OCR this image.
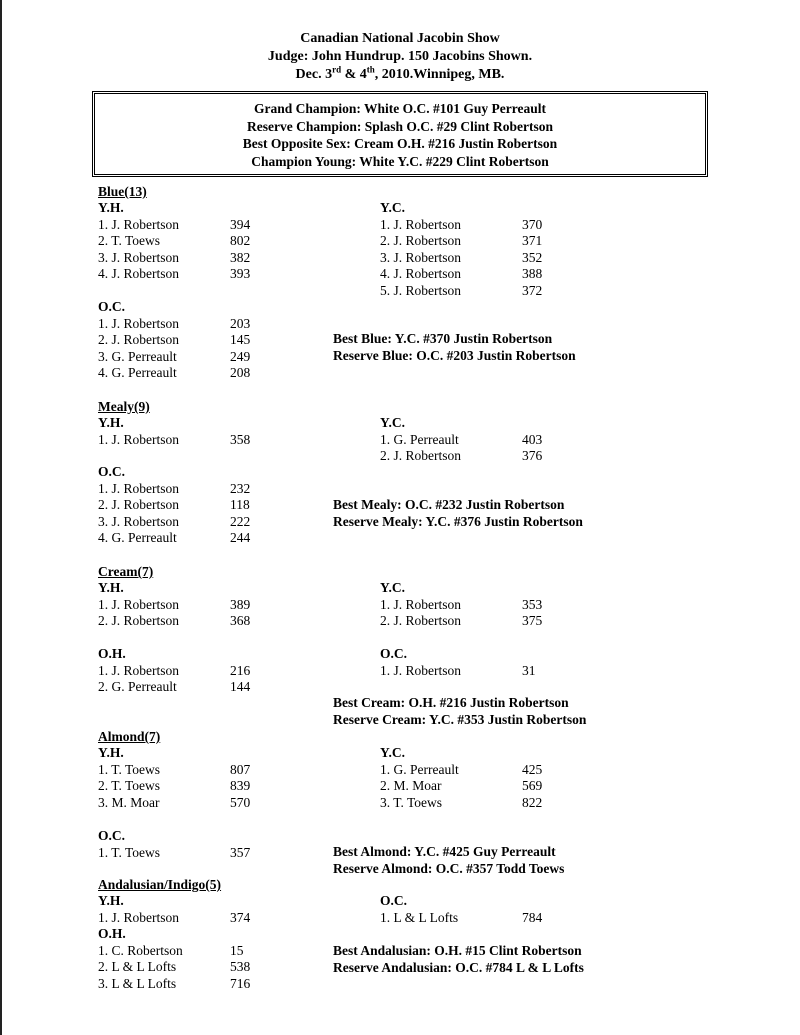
Canadian National Jacobin Show
Judge: John Hundrup. 150 Jacobins Shown.
Dec. 3rd & 4th, 2010.Winnipeg, MB.
Grand Champion: White O.C. #101 Guy Perreault
Reserve Champion: Splash O.C. #29 Clint Robertson
Best Opposite Sex: Cream O.H. #216 Justin Robertson
Champion Young: White Y.C. #229 Clint Robertson
Blue(13)
Y.H.
1. J. Robertson	394
2. T. Toews	802
3. J. Robertson	382
4. J. Robertson	393
Y.C.
1. J. Robertson	370
2. J. Robertson	371
3. J. Robertson	352
4. J. Robertson	388
5. J. Robertson	372
O.C.
1. J. Robertson	203
2. J. Robertson	145
3. G. Perreault	249
4. G. Perreault	208
Best Blue: Y.C. #370 Justin Robertson
Reserve Blue: O.C. #203 Justin Robertson
Mealy(9)
Y.H.
1. J. Robertson	358
Y.C.
1. G. Perreault	403
2. J. Robertson	376
O.C.
1. J. Robertson	232
2. J. Robertson	118
3. J. Robertson	222
4. G. Perreault	244
Best Mealy: O.C. #232 Justin Robertson
Reserve Mealy: Y.C. #376 Justin Robertson
Cream(7)
Y.H.
1. J. Robertson	389
2. J. Robertson	368
Y.C.
1. J. Robertson	353
2. J. Robertson	375
O.H.
1. J. Robertson	216
2. G. Perreault	144
O.C.
1. J. Robertson	31
Best Cream: O.H. #216 Justin Robertson
Reserve Cream: Y.C. #353 Justin Robertson
Almond(7)
Y.H.
1. T. Toews	807
2. T. Toews	839
3. M. Moar	570
Y.C.
1. G. Perreault	425
2. M. Moar	569
3. T. Toews	822
O.C.
1. T. Toews	357	Best Almond: Y.C. #425 Guy Perreault
Reserve Almond: O.C. #357 Todd Toews
Andalusian/Indigo(5)
Y.H.
1. J. Robertson	374
O.C.
1. L & L Lofts	784
O.H.
1. C. Robertson	15
2. L & L Lofts	538
3. L & L Lofts	716
Best Andalusian: O.H. #15 Clint Robertson
Reserve Andalusian: O.C. #784 L & L Lofts
